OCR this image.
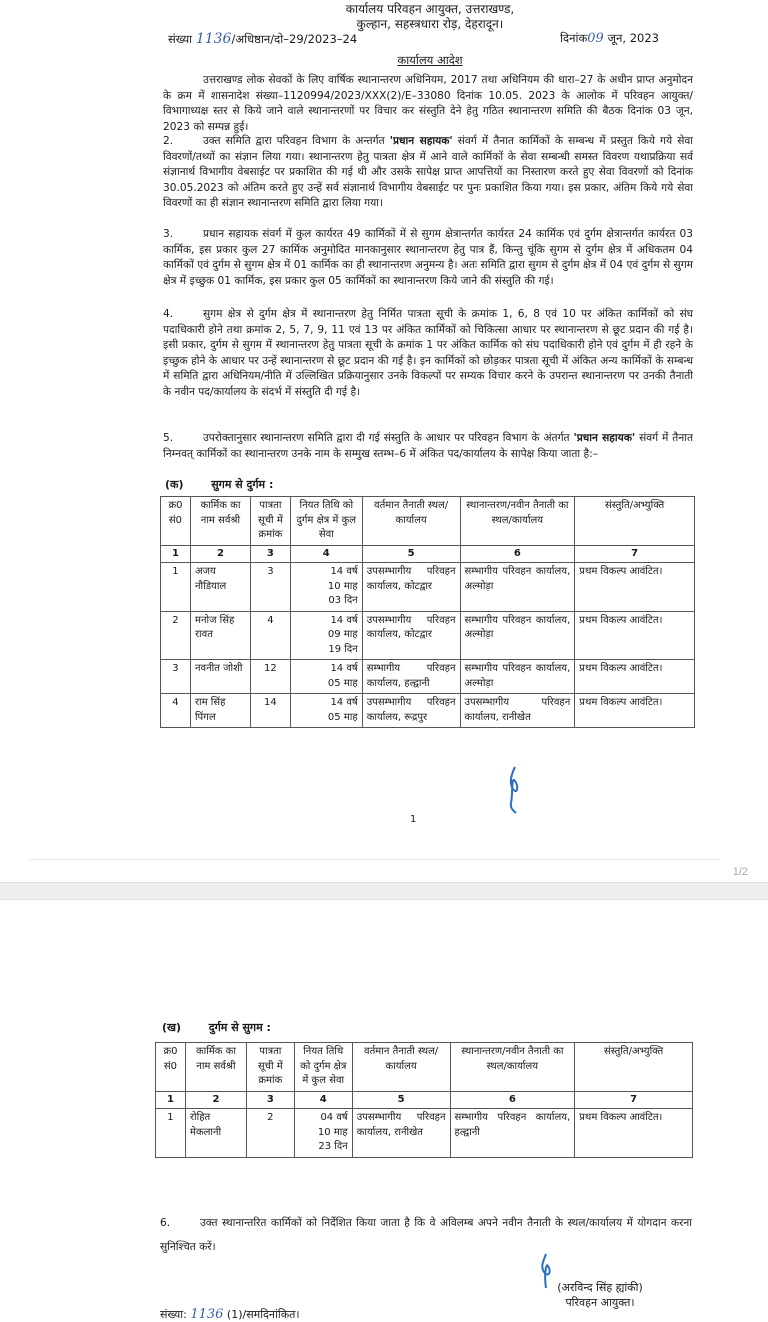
कार्यालय परिवहन आयुक्त, उत्तराखण्ड,
कुल्हान, सहस्त्रधारा रोड़, देहरादून।
संख्या 1136/अधिष्ठान/दो–29/2023–24	दिनांक09 जून, 2023
कार्यालय आदेश
उत्तराखण्ड लोक सेवकों के लिए वार्षिक स्थानान्तरण अधिनियम, 2017 तथा अधिनियम की धारा–27 के अधीन प्राप्त अनुमोदन के क्रम में शासनादेश संख्या–1120994/2023/XXX(2)/E–33080 दिनांक 10.05. 2023 के आलोक में परिवहन आयुक्त/विभागाध्यक्ष स्तर से किये जाने वाले स्थानान्तरणों पर विचार कर संस्तुति देने हेतु गठित स्थानान्तरण समिति की बैठक दिनांक 03 जून, 2023 को सम्पन्न हुई।
2.	उक्त समिति द्वारा परिवहन विभाग के अन्तर्गत 'प्रधान सहायक' संवर्ग में तैनात कार्मिकों के सम्बन्ध में प्रस्तुत किये गये सेवा विवरणों/तथ्यों का संज्ञान लिया गया। स्थानान्तरण हेतु पात्रता क्षेत्र में आने वाले कार्मिकों के सेवा सम्बन्धी समस्त विवरण यथाप्रक्रिया सर्व संज्ञानार्थ विभागीय वेबसाईट पर प्रकाशित की गई थी और उसके सापेक्ष प्राप्त आपत्तियों का निस्तारण करते हुए सेवा विवरणों को दिनांक 30.05.2023 को अंतिम करते हुए उन्हें सर्व संज्ञानार्थ विभागीय वेबसाईट पर पुनः प्रकाशित किया गया। इस प्रकार, अंतिम किये गये सेवा विवरणों का ही संज्ञान स्थानान्तरण समिति द्वारा लिया गया।
3.	प्रधान सहायक संवर्ग में कुल कार्यरत 49 कार्मिकों में से सुगम क्षेत्रान्तर्गत कार्यरत 24 कार्मिक एवं दुर्गम क्षेत्रान्तर्गत कार्यरत 03 कार्मिक, इस प्रकार कुल 27 कार्मिक अनुमोदित मानकानुसार स्थानान्तरण हेतु पात्र हैं, किन्तु चूंकि सुगम से दुर्गम क्षेत्र में अधिकतम 04 कार्मिकों एवं दुर्गम से सुगम क्षेत्र में 01 कार्मिक का ही स्थानान्तरण अनुमन्य है। अतः समिति द्वारा सुगम से दुर्गम क्षेत्र में 04 एवं दुर्गम से सुगम क्षेत्र में इच्छुक 01 कार्मिक, इस प्रकार कुल 05 कार्मिकों का स्थानान्तरण किये जाने की संस्तुति की गई।
4.	सुगम क्षेत्र से दुर्गम क्षेत्र में स्थानान्तरण हेतु निर्मित पात्रता सूची के क्रमांक 1, 6, 8 एवं 10 पर अंकित कार्मिकों को संघ पदाधिकारी होने तथा क्रमांक 2, 5, 7, 9, 11 एवं 13 पर अंकित कार्मिकों को चिकित्सा आधार पर स्थानान्तरण से छूट प्रदान की गई है। इसी प्रकार, दुर्गम से सुगम में स्थानान्तरण हेतु पात्रता सूची के क्रमांक 1 पर अंकित कार्मिक को संघ पदाधिकारी होने एवं दुर्गम में ही रहने के इच्छुक होने के आधार पर उन्हें स्थानान्तरण से छूट प्रदान की गई है। इन कार्मिकों को छोड़कर पात्रता सूची में अंकित अन्य कार्मिकों के सम्बन्ध में समिति द्वारा अधिनियम/नीति में उल्लिखित प्रक्रियानुसार उनके विकल्पों पर सम्यक विचार करने के उपरान्त स्थानान्तरण पर उनकी तैनाती के नवीन पद/कार्यालय के संदर्भ में संस्तुति दी गई है।
5.	उपरोक्तानुसार स्थानान्तरण समिति द्वारा दी गई संस्तुति के आधार पर परिवहन विभाग के अंतर्गत 'प्रधान सहायक' संवर्ग में तैनात निम्नवत् कार्मिकों का स्थानान्तरण उनके नाम के सम्मुख स्तम्भ–6 में अंकित पद/कार्यालय के सापेक्ष किया जाता है:–
(क)	सुगम से दुर्गम :
क्र0 सं0	कार्मिक का नाम सर्वश्री	पात्रता सूची में क्रमांक	नियत तिथि को दुर्गम क्षेत्र में कुल सेवा	वर्तमान तैनाती स्थल/कार्यालय	स्थानान्तरण/नवीन तैनाती का स्थल/कार्यालय	संस्तुति/अभ्युक्ति
1	2	3	4	5	6	7
1	अजय नौडियाल	3	14 वर्ष
10 माह
03 दिन	उपसम्भागीय परिवहन कार्यालय, कोटद्वार	सम्भागीय परिवहन कार्यालय, अल्मोड़ा	प्रथम विकल्प आवंटित।
2	मनोज सिंह रावत	4	14 वर्ष
09 माह
19 दिन	उपसम्भागीय परिवहन कार्यालय, कोटद्वार	सम्भागीय परिवहन कार्यालय, अल्मोड़ा	प्रथम विकल्प आवंटित।
3	नवनीत जोशी	12	14 वर्ष
05 माह	सम्भागीय परिवहन कार्यालय, हल्द्वानी	सम्भागीय परिवहन कार्यालय, अल्मोड़ा	प्रथम विकल्प आवंटित।
4	राम सिंह पिंगल	14	14 वर्ष
05 माह	उपसम्भागीय परिवहन कार्यालय, रूद्रपुर	उपसम्भागीय परिवहन कार्यालय, रानीखेत	प्रथम विकल्प आवंटित।
1
1/2
(ख)	दुर्गम से सुगम :
क्र0 सं0	कार्मिक का नाम सर्वश्री	पात्रता सूची में क्रमांक	नियत तिथि को दुर्गम क्षेत्र में कुल सेवा	वर्तमान तैनाती स्थल/कार्यालय	स्थानान्तरण/नवीन तैनाती का स्थल/कार्यालय	संस्तुति/अभ्युक्ति
1	2	3	4	5	6	7
1	रोहित मेकलानी	2	04 वर्ष
10 माह
23 दिन	उपसम्भागीय परिवहन कार्यालय, रानीखेत	सम्भागीय परिवहन कार्यालय, हल्द्वानी	प्रथम विकल्प आवंटित।
6.	उक्त स्थानान्तरित कार्मिकों को निर्देशित किया जाता है कि वे अविलम्ब अपने नवीन तैनाती के स्थल/कार्यालय में योगदान करना सुनिश्चित करें।
(अरविन्द सिंह ह्यांकी)
परिवहन आयुक्त।
संख्या: 1136 (1)/समदिनांकित।
